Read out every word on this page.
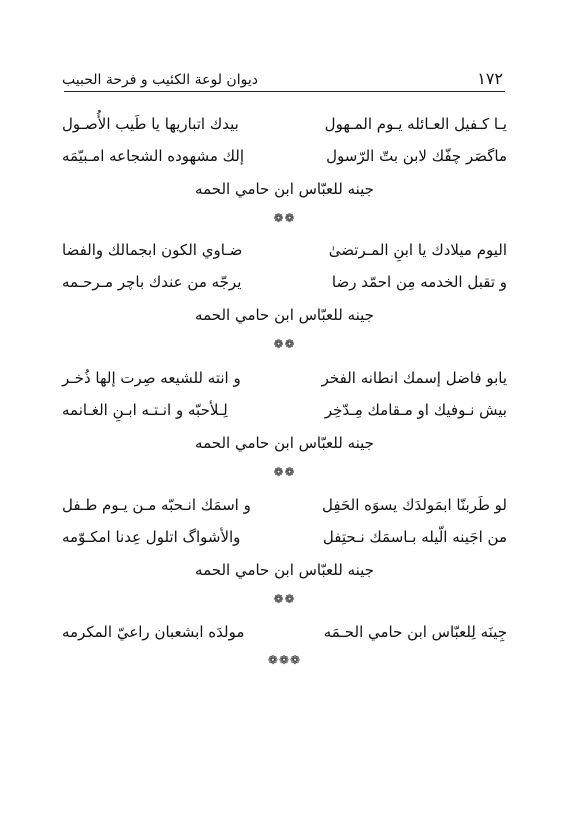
ديوان لوعة الكئيب و فرحة الحبيب	١٧٢
يـا كـفيل العـائله يـوم المـهول
بيدك اتباريها يا طَيب الأُصـول
ماگصَر چفّك لابن بتّ الرّسول
إلك مشهوده الشجاعه امـبيّمَه
جينه للعبّاس ابن حامي الحمه
❁❁
اليوم ميلادك يا ابنِ المـرتضىٰ
ضـاوي الكون ابجمالك والفضا
و تقبل الخدمه مِن احمّد رضا
يرجّه من عندك باچر مـرحـمه
جينه للعبّاس ابن حامي الحمه
❁❁
يابو فاضل إسمك انطانه الفخر
و انته للشيعه صِرت إلها ذُخـر
بيش نـوفيك او مـقامك مِـدّخِر
لِـلأحبّه و انـتـه ابـنِ الغـانمه
جينه للعبّاس ابن حامي الحمه
❁❁
لو طَربنّا ابمَولدَك يسوَه الحَفِل
و اسمَك انـحبّه مـن يـوم طـفل
من اجَينه الّيله بـاسمَك نـحتِفل
والأشواگ اتلول عِدنا امكـوّمه
جينه للعبّاس ابن حامي الحمه
❁❁
جِينَه لِلعبّاس ابن حامي الحـمَه
مولدَه ابشعبان راعيّ المكرمه
❁❁❁
